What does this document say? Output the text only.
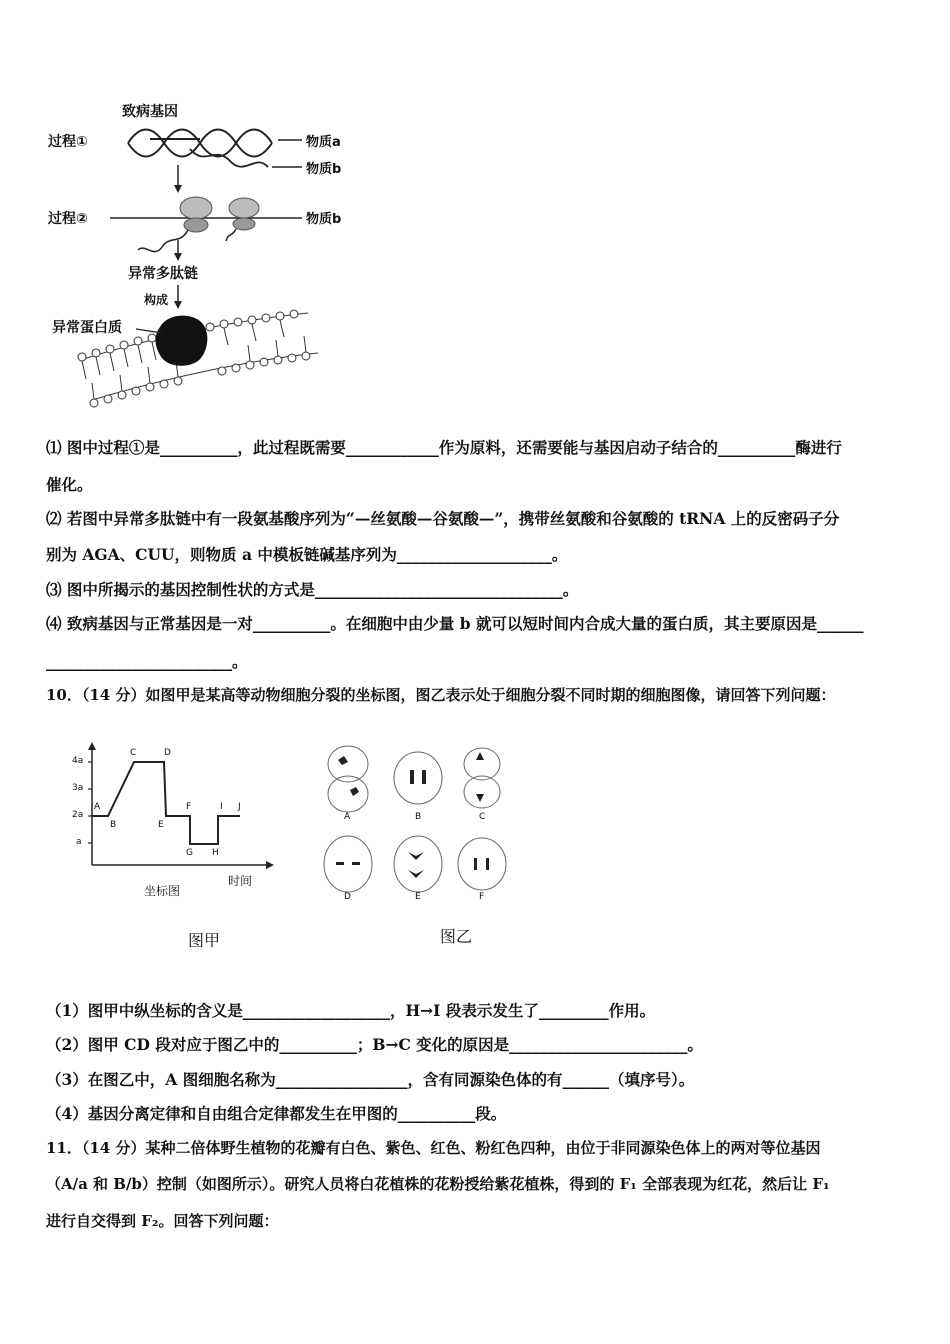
致病基因
过程①	物质a
物质b
过程②	物质b
异常多肽链
构成
异常蛋白质
⑴ 图中过程①是__________，此过程既需要____________作为原料，还需要能与基因启动子结合的__________酶进行
催化。
⑵ 若图中异常多肽链中有一段氨基酸序列为“—丝氨酸—谷氨酸—”，携带丝氨酸和谷氨酸的 tRNA 上的反密码子分
别为 AGA、CUU，则物质 a 中模板链碱基序列为____________________。
⑶ 图中所揭示的基因控制性状的方式是________________________________。
⑷ 致病基因与正常基因是一对__________。在细胞中由少量 b 就可以短时间内合成大量的蛋白质，其主要原因是______
________________________。
10．（14 分）如图甲是某高等动物细胞分裂的坐标图，图乙表示处于细胞分裂不同时期的细胞图像，请回答下列问题：
4a
3a
2a
a
A
B
C	D
E
F
G H
I J
时间
坐标图
图甲
A	B	C
D	E	F
图乙
（1）图甲中纵坐标的含义是___________________，H→I 段表示发生了_________作用。
（2）图甲 CD 段对应于图乙中的__________；B→C 变化的原因是_______________________。
（3）在图乙中，A 图细胞名称为_________________，含有同源染色体的有______（填序号）。
（4）基因分离定律和自由组合定律都发生在甲图的__________段。
11．（14 分）某种二倍体野生植物的花瓣有白色、紫色、红色、粉红色四种，由位于非同源染色体上的两对等位基因
（A/a 和 B/b）控制（如图所示）。研究人员将白花植株的花粉授给紫花植株，得到的 F₁ 全部表现为红花，然后让 F₁
进行自交得到 F₂。回答下列问题：
